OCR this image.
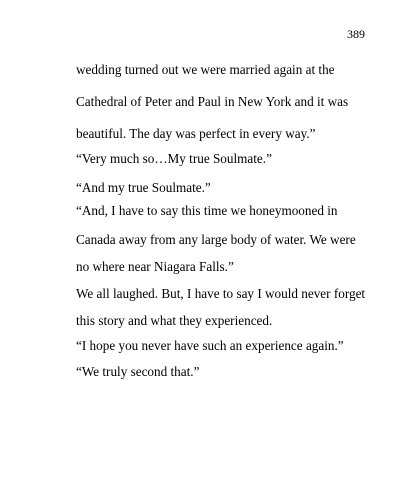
389
wedding turned out we were married again at the
Cathedral of Peter and Paul in New York and it was
beautiful. The day was perfect in every way.”
“Very much so…My true Soulmate.”
“And my true Soulmate.”
“And, I have to say this time we honeymooned in
Canada away from any large body of water. We were
no where near Niagara Falls.”
We all laughed. But, I have to say I would never forget
this story and what they experienced.
“I hope you never have such an experience again.”
“We truly second that.”
